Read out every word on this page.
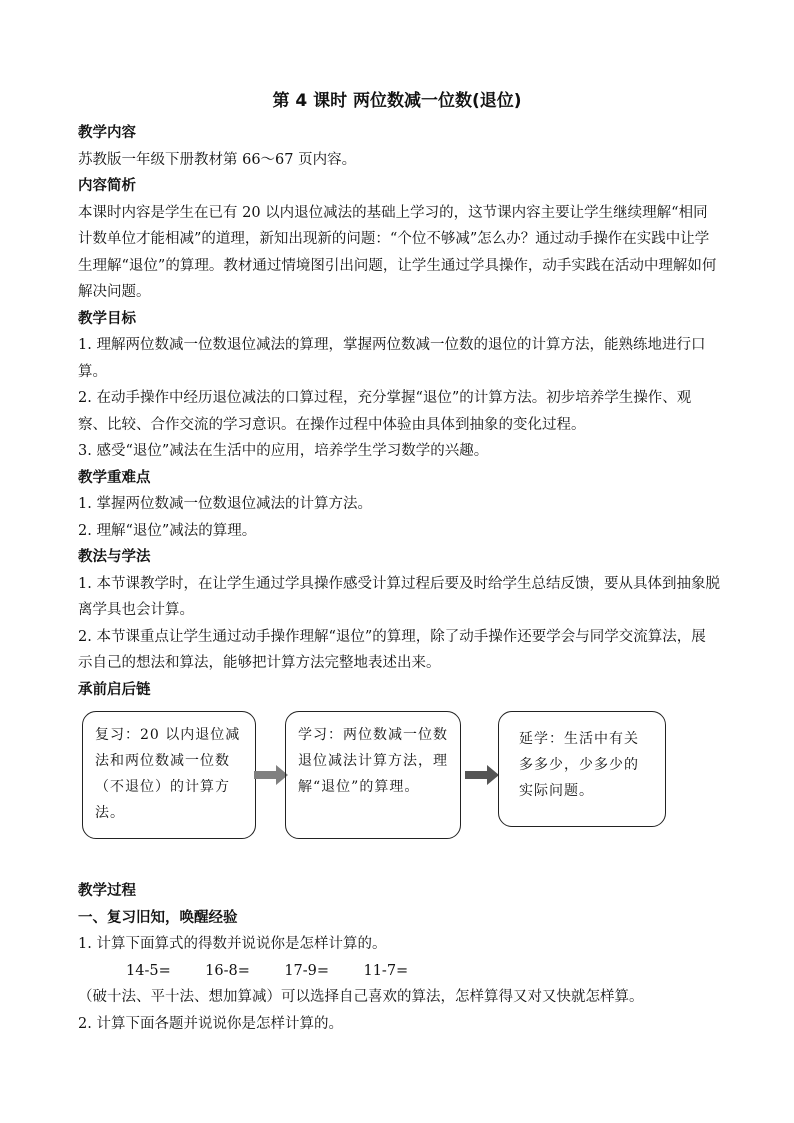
第 4 课时 两位数减一位数(退位)

教学内容

苏教版一年级下册教材第 66～67 页内容。

内容简析

本课时内容是学生在已有 20 以内退位减法的基础上学习的，这节课内容主要让学生继续理解“相同计数单位才能相减”的道理，新知出现新的问题：“个位不够减”怎么办？通过动手操作在实践中让学生理解“退位”的算理。教材通过情境图引出问题，让学生通过学具操作，动手实践在活动中理解如何解决问题。

教学目标

1. 理解两位数减一位数退位减法的算理，掌握两位数减一位数的退位的计算方法，能熟练地进行口算。

2. 在动手操作中经历退位减法的口算过程，充分掌握“退位”的计算方法。初步培养学生操作、观察、比较、合作交流的学习意识。在操作过程中体验由具体到抽象的变化过程。

3. 感受“退位”减法在生活中的应用，培养学生学习数学的兴趣。

教学重难点

1. 掌握两位数减一位数退位减法的计算方法。

2. 理解“退位”减法的算理。

教法与学法

1. 本节课教学时，在让学生通过学具操作感受计算过程后要及时给学生总结反馈，要从具体到抽象脱离学具也会计算。

2. 本节课重点让学生通过动手操作理解“退位”的算理，除了动手操作还要学会与同学交流算法，展示自己的想法和算法，能够把计算方法完整地表述出来。

承前启后链

复习：20 以内退位减法和两位数减一位数（不退位）的计算方法。
学习：两位数减一位数退位减法计算方法，理解“退位”的算理。
延学：生活中有关多多少，少多少的实际问题。

教学过程

一、复习旧知，唤醒经验

1. 计算下面算式的得数并说说你是怎样计算的。

14-5=    16-8=    17-9=    11-7=

（破十法、平十法、想加算减）可以选择自己喜欢的算法，怎样算得又对又快就怎样算。

2. 计算下面各题并说说你是怎样计算的。
